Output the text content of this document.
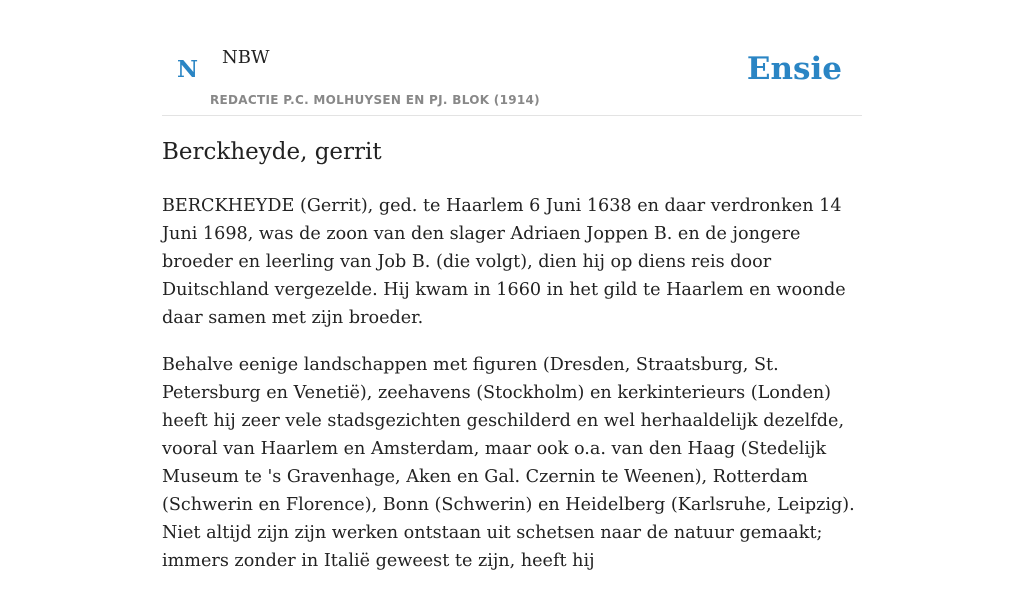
N NBW
REDACTIE P.C. MOLHUYSEN EN PJ. BLOK (1914)
Ensie
Berckheyde, gerrit

BERCKHEYDE (Gerrit), ged. te Haarlem 6 Juni 1638 en daar verdronken 14 Juni 1698, was de zoon van den slager Adriaen Joppen B. en de jongere broeder en leerling van Job B. (die volgt), dien hij op diens reis door Duitschland vergezelde. Hij kwam in 1660 in het gild te Haarlem en woonde daar samen met zijn broeder.

Behalve eenige landschappen met figuren (Dresden, Straatsburg, St. Petersburg en Venetië), zeehavens (Stockholm) en kerkinterieurs (Londen) heeft hij zeer vele stadsgezichten geschilderd en wel herhaaldelijk dezelfde, vooral van Haarlem en Amsterdam, maar ook o.a. van den Haag (Stedelijk Museum te 's Gravenhage, Aken en Gal. Czernin te Weenen), Rotterdam (Schwerin en Florence), Bonn (Schwerin) en Heidelberg (Karlsruhe, Leipzig). Niet altijd zijn zijn werken ontstaan uit schetsen naar de natuur gemaakt; immers zonder in Italië geweest te zijn, heeft hij
